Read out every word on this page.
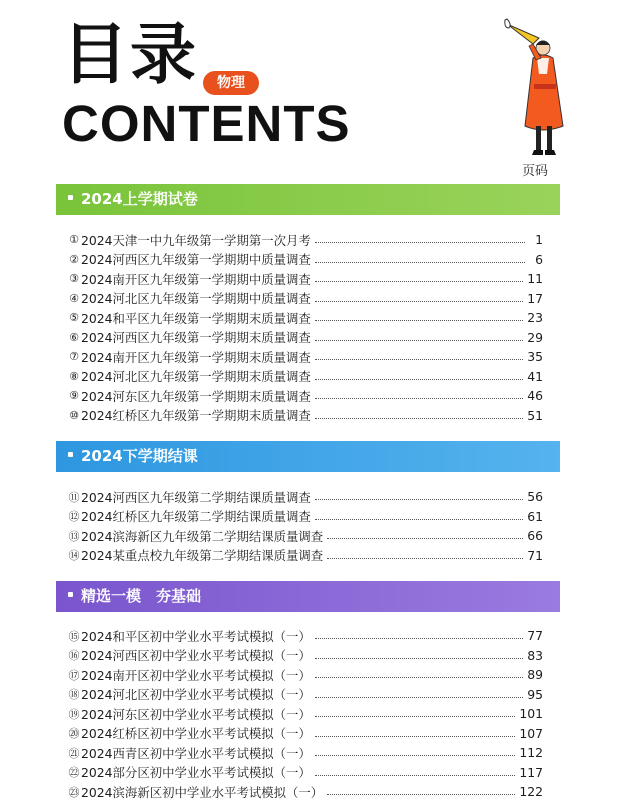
目录	物理
CONTENTS
页码
2024上学期试卷
2024下学期结课
精选一模　夯基础
① 2024天津一中九年级第一学期第一次月考	1
② 2024河西区九年级第一学期期中质量调查	6
③ 2024南开区九年级第一学期期中质量调查	11
④ 2024河北区九年级第一学期期中质量调查	17
⑤ 2024和平区九年级第一学期期末质量调查	23
⑥ 2024河西区九年级第一学期期末质量调查	29
⑦ 2024南开区九年级第一学期期末质量调查	35
⑧ 2024河北区九年级第一学期期末质量调查	41
⑨ 2024河东区九年级第一学期期末质量调查	46
⑩ 2024红桥区九年级第一学期期末质量调查	51
⑪ 2024河西区九年级第二学期结课质量调查	56
⑫ 2024红桥区九年级第二学期结课质量调查	61
⑬ 2024滨海新区九年级第二学期结课质量调查	66
⑭ 2024某重点校九年级第二学期结课质量调查	71
⑮ 2024和平区初中学业水平考试模拟（一）	77
⑯ 2024河西区初中学业水平考试模拟（一）	83
⑰ 2024南开区初中学业水平考试模拟（一）	89
⑱ 2024河北区初中学业水平考试模拟（一）	95
⑲ 2024河东区初中学业水平考试模拟（一）	101
⑳ 2024红桥区初中学业水平考试模拟（一）	107
㉑ 2024西青区初中学业水平考试模拟（一）	112
㉒ 2024部分区初中学业水平考试模拟（一）	117
㉓ 2024滨海新区初中学业水平考试模拟（一）	122
